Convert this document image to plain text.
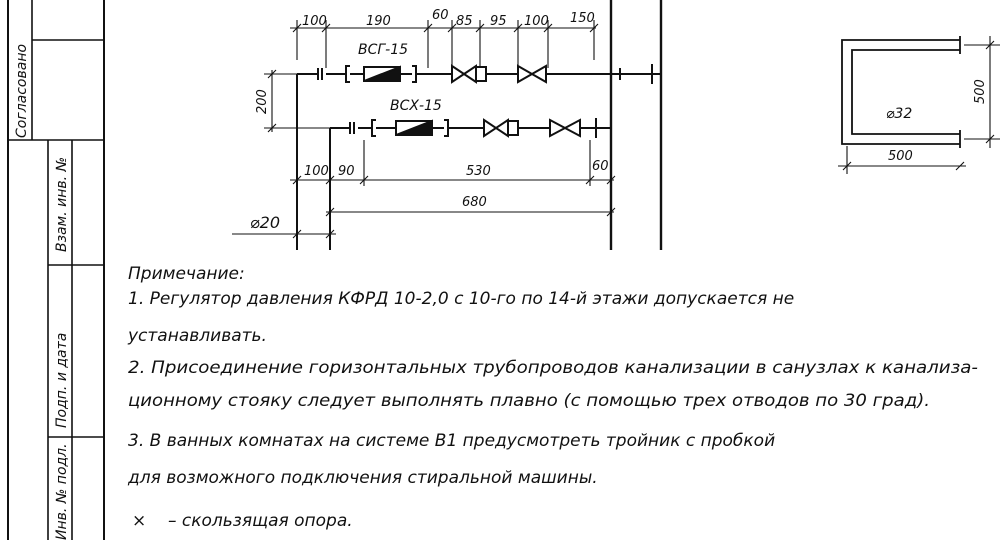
Согласовано
Взам. инв. №
Подп. и дата
Инв. № подл.
100	190	60 85 95 100 150
200
100 90	530	60
680
⌀20
ВСГ-15
ВСХ-15
500
500
⌀32
Примечание:
1. Регулятор давления КФРД 10-2,0 с 10-го по 14-й этажи допускается не
устанавливать.
2. Присоединение горизонтальных трубопроводов канализации в санузлах к канализа-
ционному стояку следует выполнять плавно (с помощью трех отводов по 30 град).
3. В ванных комнатах на системе В1 предусмотреть тройник с пробкой
для возможного подключения стиральной машины.
× – скользящая опора.
